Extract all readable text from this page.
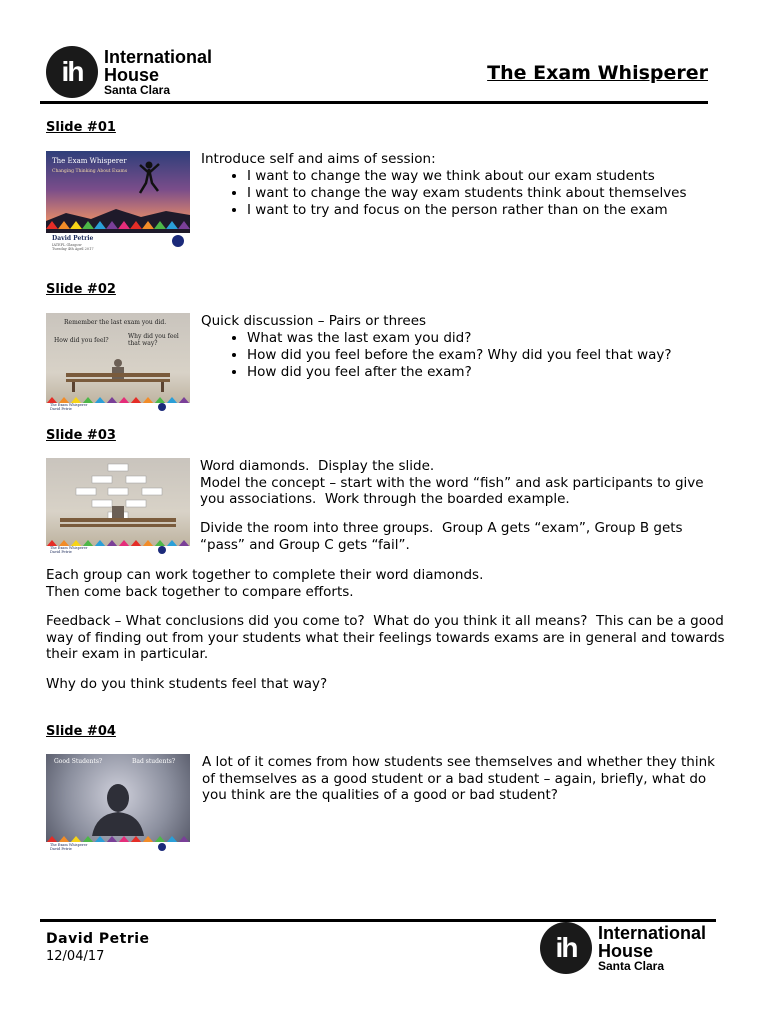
ih	International
House
Santa Clara
The Exam Whisperer
Slide #01
The Exam Whisperer
Changing Thinking About Exams
David Petrie
IATEFL Glasgow
Tuesday 4th April 2017
Introduce self and aims of session:
• I want to change the way we think about our exam students
• I want to change the way exam students think about themselves
• I want to try and focus on the person rather than on the exam
Slide #02
Remember the last exam you did.
How did you feel?
Why did you feel that way?
The Exam Whisperer
David Petrie
Quick discussion – Pairs or threes
• What was the last exam you did?
• How did you feel before the exam? Why did you feel that way?
• How did you feel after the exam?
Slide #03
The Exam Whisperer
David Petrie
Word diamonds.  Display the slide.
Model the concept – start with the word “fish” and ask participants to give you associations.  Work through the boarded example.
Divide the room into three groups.  Group A gets “exam”, Group B gets “pass” and Group C gets “fail”.
Each group can work together to complete their word diamonds.
Then come back together to compare efforts.
Feedback – What conclusions did you come to?  What do you think it all means?  This can be a good way of finding out from your students what their feelings towards exams are in general and towards their exam in particular.
Why do you think students feel that way?
Slide #04
Good Students?	Bad students?
The Exam Whisperer
David Petrie
A lot of it comes from how students see themselves and whether they think of themselves as a good student or a bad student – again, briefly, what do you think are the qualities of a good or bad student?
David Petrie
12/04/17	ih	International
House
Santa Clara
